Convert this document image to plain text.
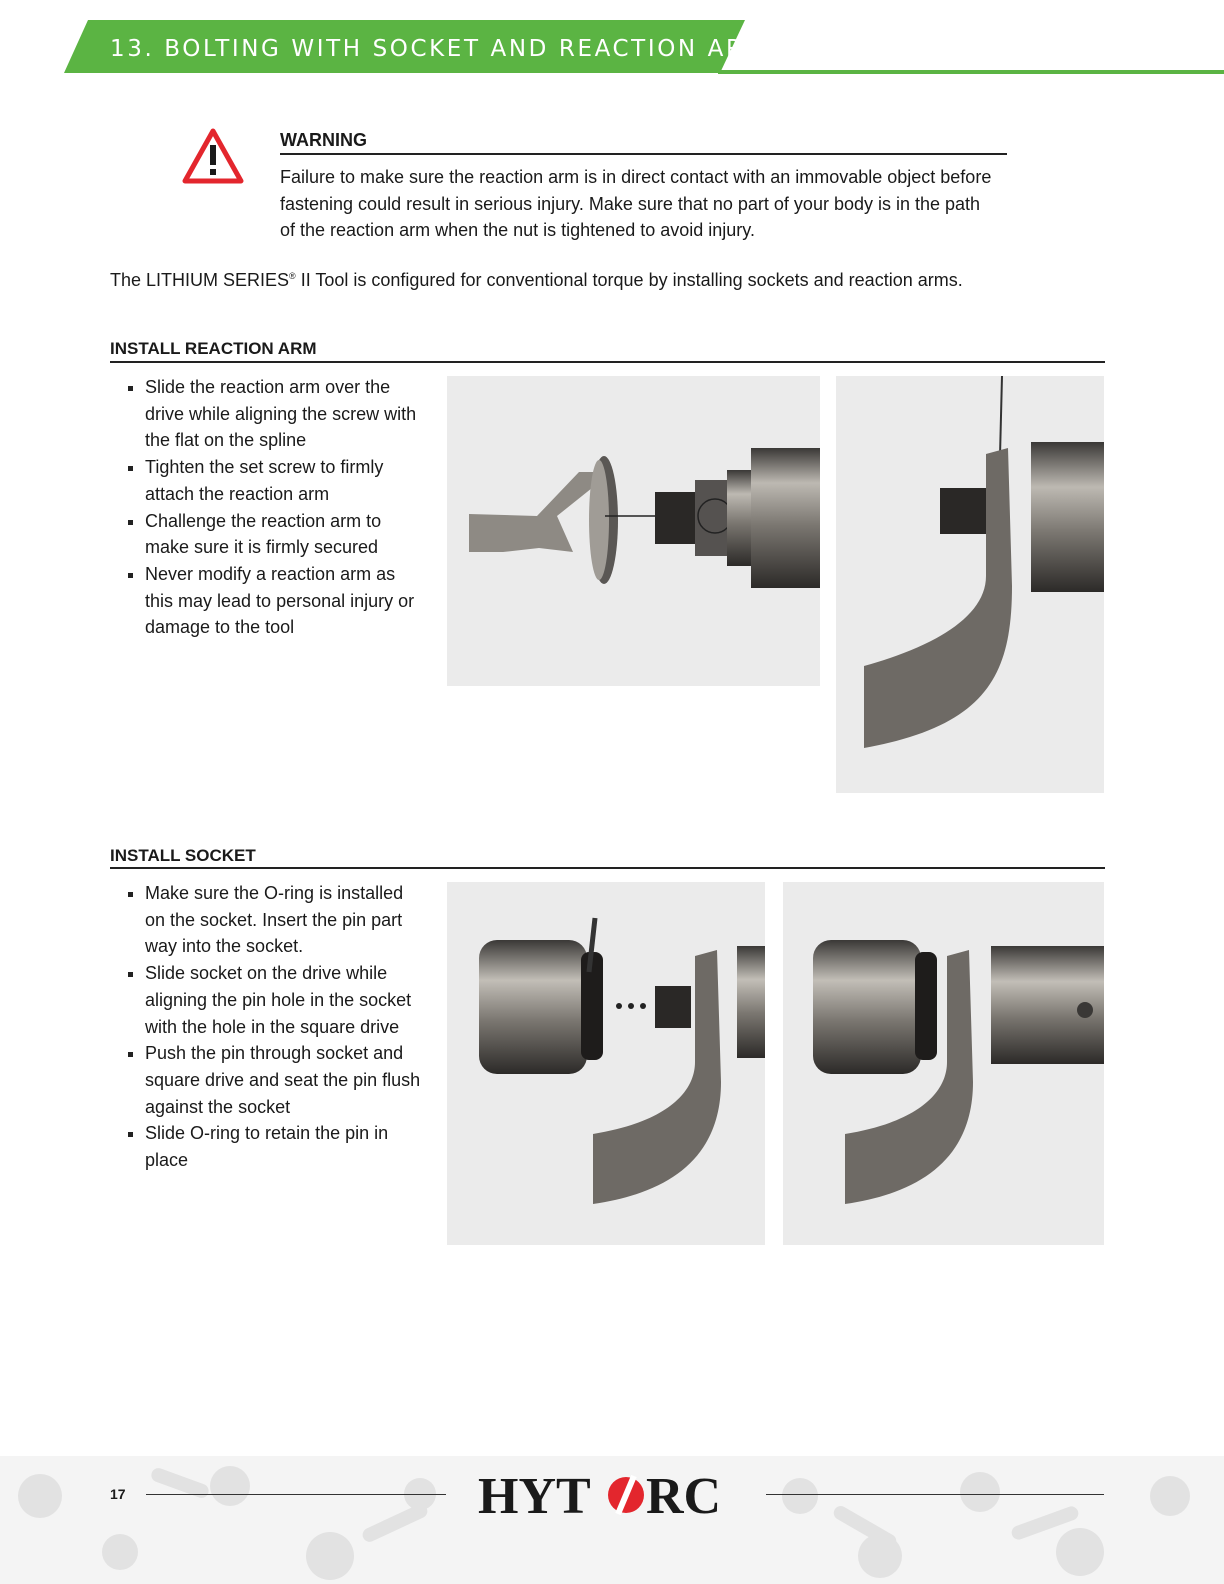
13. BOLTING WITH SOCKET AND REACTION ARM
WARNING
Failure to make sure the reaction arm is in direct contact with an immovable object before fastening could result in serious injury. Make sure that no part of your body is in the path of the reaction arm when the nut is tightened to avoid injury.
The LITHIUM SERIES® II Tool is configured for conventional torque by installing sockets and reaction arms.
INSTALL REACTION ARM
Slide the reaction arm over the drive while aligning the screw with the flat on the spline
Tighten the set screw to firmly attach the reaction arm
Challenge the reaction arm to make sure it is firmly secured
Never modify a reaction arm as this may lead to personal injury or damage to the tool
INSTALL SOCKET
Make sure the O-ring is installed on the socket. Insert the pin part way into the socket.
Slide socket on the drive while aligning the pin hole in the socket with the hole in the square drive
Push the pin through socket and square drive and seat the pin flush against the socket
Slide O-ring to retain the pin in place
17	HYT RC
